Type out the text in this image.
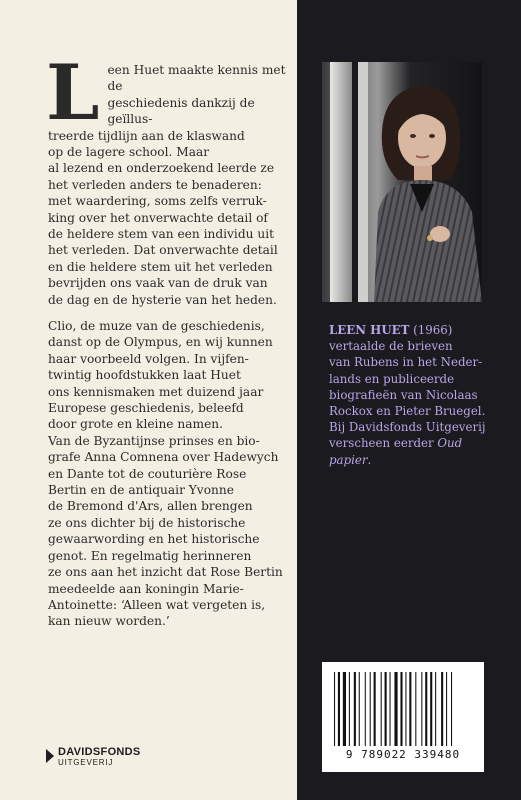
L een Huet maakte kennis met de
geschiedenis dankzij de geïllus-
treerde tijdlijn aan de klaswand
op de lagere school. Maar
al lezend en onderzoekend leerde ze
het verleden anders te benaderen:
met waardering, soms zelfs verruk-
king over het onverwachte detail of
de heldere stem van een individu uit
het verleden. Dat onverwachte detail
en die heldere stem uit het verleden
bevrijden ons vaak van de druk van
de dag en de hysterie van het heden.

Clio, de muze van de geschiedenis,
danst op de Olympus, en wij kunnen
haar voorbeeld volgen. In vijfen-
twintig hoofdstukken laat Huet
ons kennismaken met duizend jaar
Europese geschiedenis, beleefd
door grote en kleine namen.
Van de Byzantijnse prinses en bio-
grafe Anna Comnena over Hadewych
en Dante tot de couturière Rose
Bertin en de antiquair Yvonne
de Bremond d'Ars, allen brengen
ze ons dichter bij de historische
gewaarwording en het historische
genot. En regelmatig herinneren
ze ons aan het inzicht dat Rose Bertin
meedeelde aan koningin Marie-
Antoinette: ‘Alleen wat vergeten is,
kan nieuw worden.’

LEEN HUET (1966)
vertaalde de brieven
van Rubens in het Neder-
lands en publiceerde
biografieën van Nicolaas
Rockox en Pieter Bruegel.
Bij Davidsfonds Uitgeverij
verscheen eerder Oud
papier.
9 789022 339480
DAVIDSFONDS
UITGEVERIJ
